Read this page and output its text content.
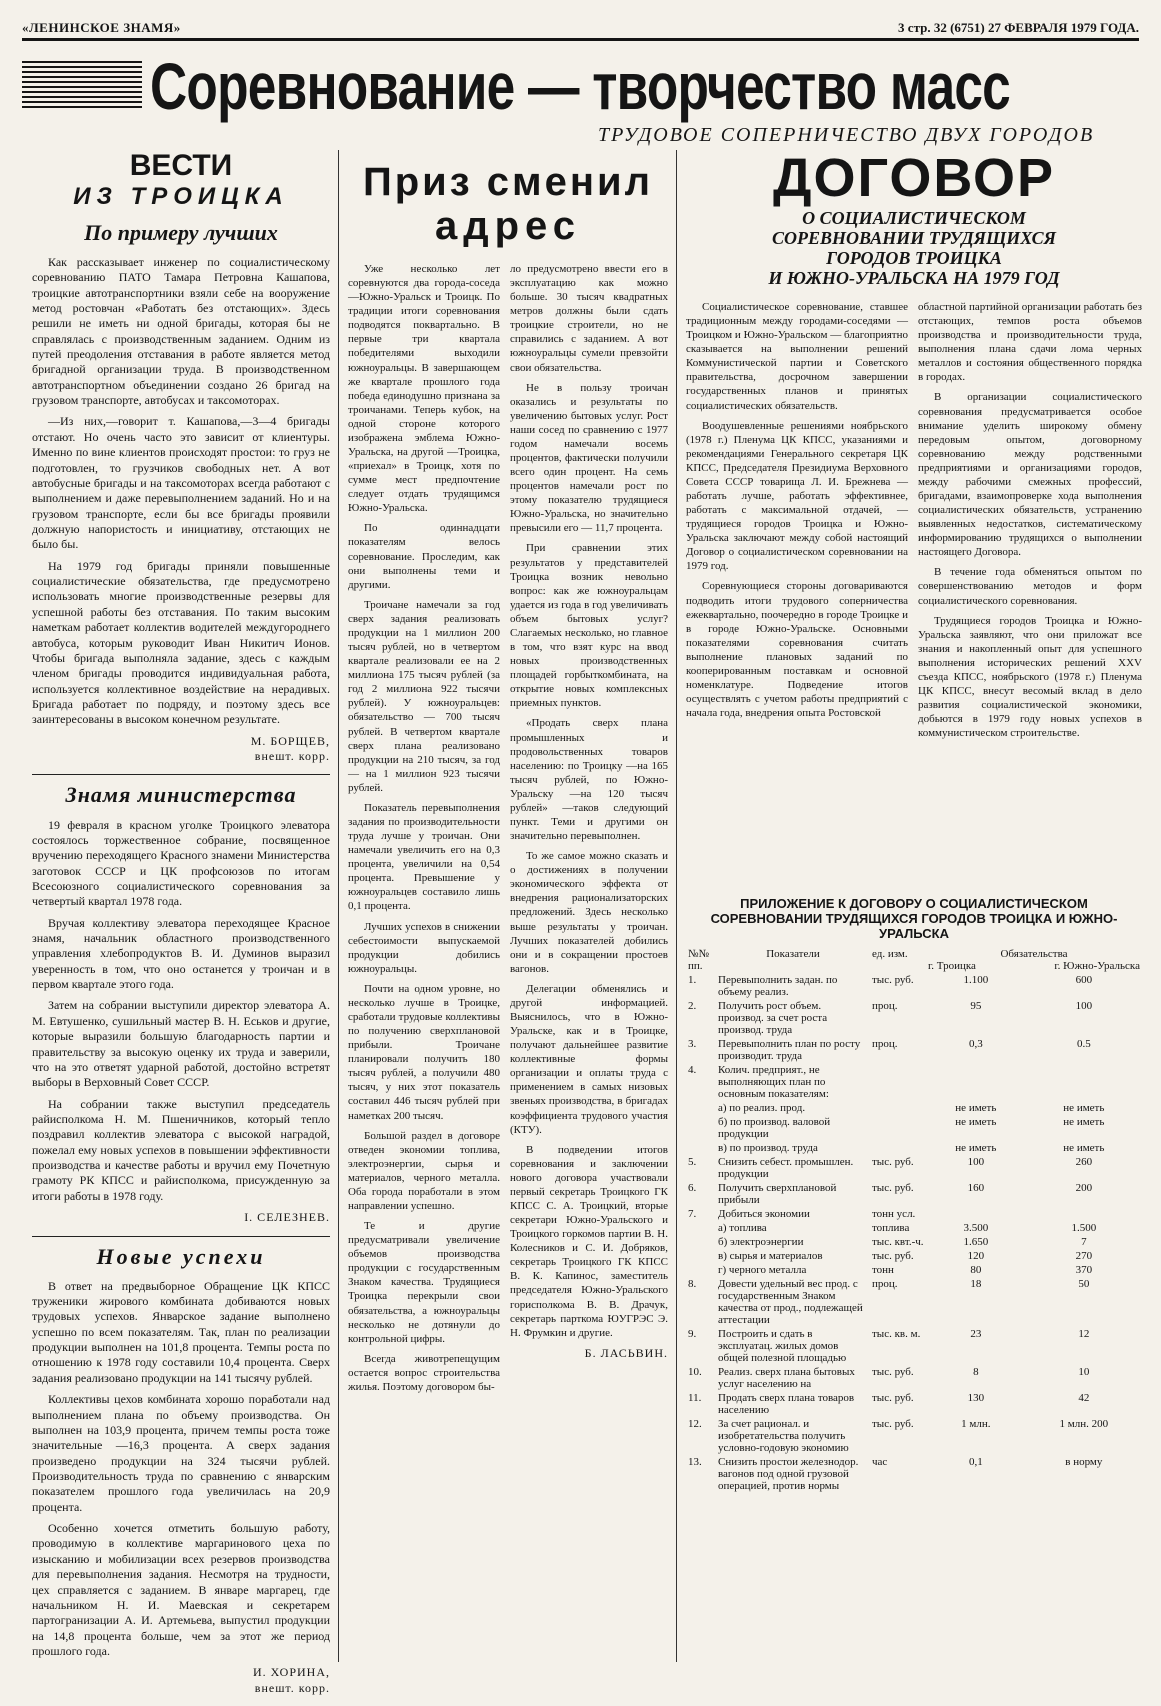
«ЛЕНИНСКОЕ ЗНАМЯ»	3 стр. 32 (6751) 27 ФЕВРАЛЯ 1979 ГОДА.
Соревнование — творчество масс
ТРУДОВОЕ СОПЕРНИЧЕСТВО ДВУХ ГОРОДОВ
ВЕСТИ
ИЗ ТРОИЦКА
По примеру лучших

Как рассказывает инженер по социалистическому соревнованию ПАТО Тамара Петровна Кашапова, троицкие автотранспортники взяли себе на вооружение метод ростовчан «Работать без отстающих». Здесь решили не иметь ни одной бригады, которая бы не справлялась с производственным заданием. Одним из путей преодоления отставания в работе является метод бригадной организации труда. В производственном автотранспортном объединении создано 26 бригад на грузовом транспорте, автобусах и таксомоторах.

—Из них,—говорит т. Кашапова,—3—4 бригады отстают. Но очень часто это зависит от клиентуры. Именно по вине клиентов происходят простои: то груз не подготовлен, то грузчиков свободных нет. А вот автобусные бригады и на таксомоторах всегда работают с выполнением и даже перевыполнением заданий. Но и на грузовом транспорте, если бы все бригады проявили должную напористость и инициативу, отстающих не было бы.

На 1979 год бригады приняли повышенные социалистические обязательства, где предусмотрено использовать многие производственные резервы для успешной работы без отставания. По таким высоким наметкам работает коллектив водителей междугороднего автобуса, которым руководит Иван Никитич Ионов. Чтобы бригада выполняла задание, здесь с каждым членом бригады проводится индивидуальная работа, используется коллективное воздействие на нерадивых. Бригада работает по подряду, и поэтому здесь все заинтересованы в высоком конечном результате.

М. БОРЩЕВ,
внешт. корр.
Знамя министерства

19 февраля в красном уголке Троицкого элеватора состоялось торжественное собрание, посвященное вручению переходящего Красного знамени Министерства заготовок СССР и ЦК профсоюзов по итогам Всесоюзного социалистического соревнования за четвертый квартал 1978 года.

Вручая коллективу элеватора переходящее Красное знамя, начальник областного производственного управления хлебопродуктов В. И. Думинов выразил уверенность в том, что оно останется у троичан и в первом квартале этого года.

Затем на собрании выступили директор элеватора А. М. Евтушенко, сушильный мастер В. Н. Еськов и другие, которые выразили большую благодарность партии и правительству за высокую оценку их труда и заверили, что на это ответят ударной работой, достойно встретят выборы в Верховный Совет СССР.

На собрании также выступил председатель райисполкома Н. М. Пшеничников, который тепло поздравил коллектив элеватора с высокой наградой, пожелал ему новых успехов в повышении эффективности производства и качестве работы и вручил ему Почетную грамоту РК КПСС и райисполкома, присужденную за итоги работы в 1978 году.

I. СЕЛЕЗНЕВ.
Новые успехи

В ответ на предвыборное Обращение ЦК КПСС труженики жирового комбината добиваются новых трудовых успехов. Январское задание выполнено успешно по всем показателям. Так, план по реализации продукции выполнен на 101,8 процента. Темпы роста по отношению к 1978 году составили 10,4 процента. Сверх задания реализовано продукции на 141 тысячу рублей.

Коллективы цехов комбината хорошо поработали над выполнением плана по объему производства. Он выполнен на 103,9 процента, причем темпы роста тоже значительные —16,3 процента. А сверх задания произведено продукции на 324 тысячи рублей. Производительность труда по сравнению с январским показателем прошлого года увеличилась на 20,9 процента.

Особенно хочется отметить большую работу, проводимую в коллективе маргаринового цеха по изысканию и мобилизации всех резервов производства для перевыполнения задания. Несмотря на трудности, цех справляется с заданием. В январе маргарец, где начальником Н. И. Маевская и секретарем партогранизации А. И. Артемьева, выпустил продукции на 14,8 процента больше, чем за этот же период прошлого года.

И. ХОРИНА,
внешт. корр.
Приз сменил
адрес

Уже несколько лет соревнуются два города-соседа —Южно-Уральск и Троицк. По традиции итоги соревнования подводятся поквартально. В первые три квартала победителями выходили южноуральцы. В завершающем же квартале прошлого года победа единодушно признана за троичанами. Теперь кубок, на одной стороне которого изображена эмблема Южно-Уральска, на другой —Троицка, «приехал» в Троицк, хотя по сумме мест предпочтение следует отдать трудящимся Южно-Уральска.

По одиннадцати показателям велось соревнование. Проследим, как они выполнены теми и другими.

Троичане намечали за год сверх задания реализовать продукции на 1 миллион 200 тысяч рублей, но в четвертом квартале реализовали ее на 2 миллиона 175 тысяч рублей (за год 2 миллиона 922 тысячи рублей). У южноуральцев: обязательство — 700 тысяч рублей. В четвертом квартале сверх плана реализовано продукции на 210 тысяч, за год — на 1 миллион 923 тысячи рублей.

Показатель перевыполнения задания по производительности труда лучше у троичан. Они намечали увеличить его на 0,3 процента, увеличили на 0,54 процента. Превышение у южноуральцев составило лишь 0,1 процента.

Лучших успехов в снижении себестоимости выпускаемой продукции добились южноуральцы.

Почти на одном уровне, но несколько лучше в Троицке, сработали трудовые коллективы по получению сверхплановой прибыли. Троичане планировали получить 180 тысяч рублей, а получили 480 тысяч, у них этот показатель составил 446 тысяч рублей при наметках 200 тысяч.

Большой раздел в договоре отведен экономии топлива, электроэнергии, сырья и материалов, черного металла. Оба города поработали в этом направлении успешно.

Те и другие предусматривали увеличение объемов производства продукции с государственным Знаком качества. Трудящиеся Троицка перекрыли свои обязательства, а южноуральцы несколько не дотянули до контрольной цифры.

Всегда животрепещущим остается вопрос строительства жилья. Поэтому договором бы-

ло предусмотрено ввести его в эксплуатацию как можно больше. 30 тысяч квадратных метров должны были сдать троицкие строители, но не справились с заданием. А вот южноуральцы сумели превзойти свои обязательства.

Не в пользу троичан оказались и результаты по увеличению бытовых услуг. Рост наши сосед по сравнению с 1977 годом намечали восемь процентов, фактически получили всего один процент. На семь процентов намечали рост по этому показателю трудящиеся Южно-Уральска, но значительно превысили его — 11,7 процента.

При сравнении этих результатов у представителей Троицка возник невольно вопрос: как же южноуральцам удается из года в год увеличивать объем бытовых услуг? Слагаемых несколько, но главное в том, что взят курс на ввод новых производственных площадей горбыткомбината, на открытие новых комплексных приемных пунктов.

«Продать сверх плана промышленных и продовольственных товаров населению: по Троицку —на 165 тысяч рублей, по Южно-Уральску —на 120 тысяч рублей» —таков следующий пункт. Теми и другими он значительно перевыполнен.

То же самое можно сказать и о достижениях в получении экономического эффекта от внедрения рационализаторских предложений. Здесь несколько выше результаты у троичан. Лучших показателей добились они и в сокращении простоев вагонов.

Делегации обменялись и другой информацией. Выяснилось, что в Южно-Уральске, как и в Троицке, получают дальнейшее развитие коллективные формы организации и оплаты труда с применением в самых низовых звеньях производства, в бригадах коэффициента трудового участия (КТУ).

В подведении итогов соревнования и заключении нового договора участвовали первый секретарь Троицкого ГК КПСС С. А. Троицкий, вторые секретари Южно-Уральского и Троицкого горкомов партии В. Н. Колесников и С. И. Добряков, секретарь Троицкого ГК КПСС В. К. Капинос, заместитель председателя Южно-Уральского горисполкома В. В. Драчук, секретарь парткома ЮУГРЭС Э. Н. Фрумкин и другие.

Б. ЛАСЬВИН.
ДОГОВОР
О СОЦИАЛИСТИЧЕСКОМ
СОРЕВНОВАНИИ ТРУДЯЩИХСЯ
ГОРОДОВ ТРОИЦКА
И ЮЖНО-УРАЛЬСКА НА 1979 ГОД

Социалистическое соревнование, ставшее традиционным между городами-соседями — Троицком и Южно-Уральском — благоприятно сказывается на выполнении решений Коммунистической партии и Советского правительства, досрочном завершении государственных планов и принятых социалистических обязательств.

Воодушевленные решениями ноябрьского (1978 г.) Пленума ЦК КПСС, указаниями и рекомендациями Генерального секретаря ЦК КПСС, Председателя Президиума Верховного Совета СССР товарища Л. И. Брежнева — работать лучше, работать эффективнее, работать с максимальной отдачей, — трудящиеся городов Троицка и Южно-Уральска заключают между собой настоящий Договор о социалистическом соревновании на 1979 год.

Соревнующиеся стороны договариваются подводить итоги трудового соперничества ежеквартально, поочередно в городе Троицке и в городе Южно-Уральске. Основными показателями соревнования считать выполнение плановых заданий по кооперированным поставкам и основной номенклатуре. Подведение итогов осуществлять с учетом работы предприятий с начала года, внедрения опыта Ростовской

областной партийной организации работать без отстающих, темпов роста объемов производства и производительности труда, выполнения плана сдачи лома черных металлов и состояния общественного порядка в городах.

В организации социалистического соревнования предусматривается особое внимание уделить широкому обмену передовым опытом, договорному соревнованию между родственными предприятиями и организациями городов, между рабочими смежных профессий, бригадами, взаимопроверке хода выполнения социалистических обязательств, устранению выявленных недостатков, систематическому информированию трудящихся о выполнении настоящего Договора.

В течение года обменяться опытом по совершенствованию методов и форм социалистического соревнования.

Трудящиеся городов Троицка и Южно-Уральска заявляют, что они приложат все знания и накопленный опыт для успешного выполнения исторических решений XXV съезда КПСС, ноябрьского (1978 г.) Пленума ЦК КПСС, внесут весомый вклад в дело развития социалистической экономики, добьются в 1979 году новых успехов в коммунистическом строительстве.

ПРИЛОЖЕНИЕ К ДОГОВОРУ О СОЦИАЛИСТИЧЕСКОМ СОРЕВНОВАНИИ ТРУДЯЩИХСЯ ГОРОДОВ ТРОИЦКА И ЮЖНО-УРАЛЬСКА
№№ пп.	Показатели	ед. изм.	Обязательства
г. Троицка г. Южно-Уральска	

1.	Перевыполнить задан. по объему реализ.	тыс. руб.	1.100	600
2.	Получить рост объем. производ. за счет роста производ. труда	проц.	95	100
3.	Перевыполнить план по росту производит. труда	проц.	0,3	0.5
4.	Колич. предприят., не выполняющих план по основным показателям:			
	а) по реализ. прод.		не иметь	не иметь
	б) по производ. валовой продукции		не иметь	не иметь
	в) по производ. труда		не иметь	не иметь
5.	Снизить себест. промышлен. продукции	тыс. руб.	100	260
6.	Получить сверхплановой прибыли	тыс. руб.	160	200
7.	Добиться экономии	тонн усл.		
	а) топлива	топлива	3.500	1.500
	б) электроэнергии	тыс. квт.-ч.	1.650	7
	в) сырья и материалов	тыс. руб.	120	270
	г) черного металла	тонн	80	370
8.	Довести удельный вес прод. с государственным Знаком качества от прод., подлежащей аттестации	проц.	18	50
9.	Построить и сдать в эксплуатац. жилых домов общей полезной площадью	тыс. кв. м.	23	12
10.	Реализ. сверх плана бытовых услуг населению на	тыс. руб.	8	10
11.	Продать сверх плана товаров населению	тыс. руб.	130	42
12.	За счет рационал. и изобретательства получить условно-годовую экономию	тыс. руб.	1 млн.	1 млн. 200
13.	Снизить простои железнодор. вагонов под одной грузовой операцией, против нормы	час	0,1	в норму
